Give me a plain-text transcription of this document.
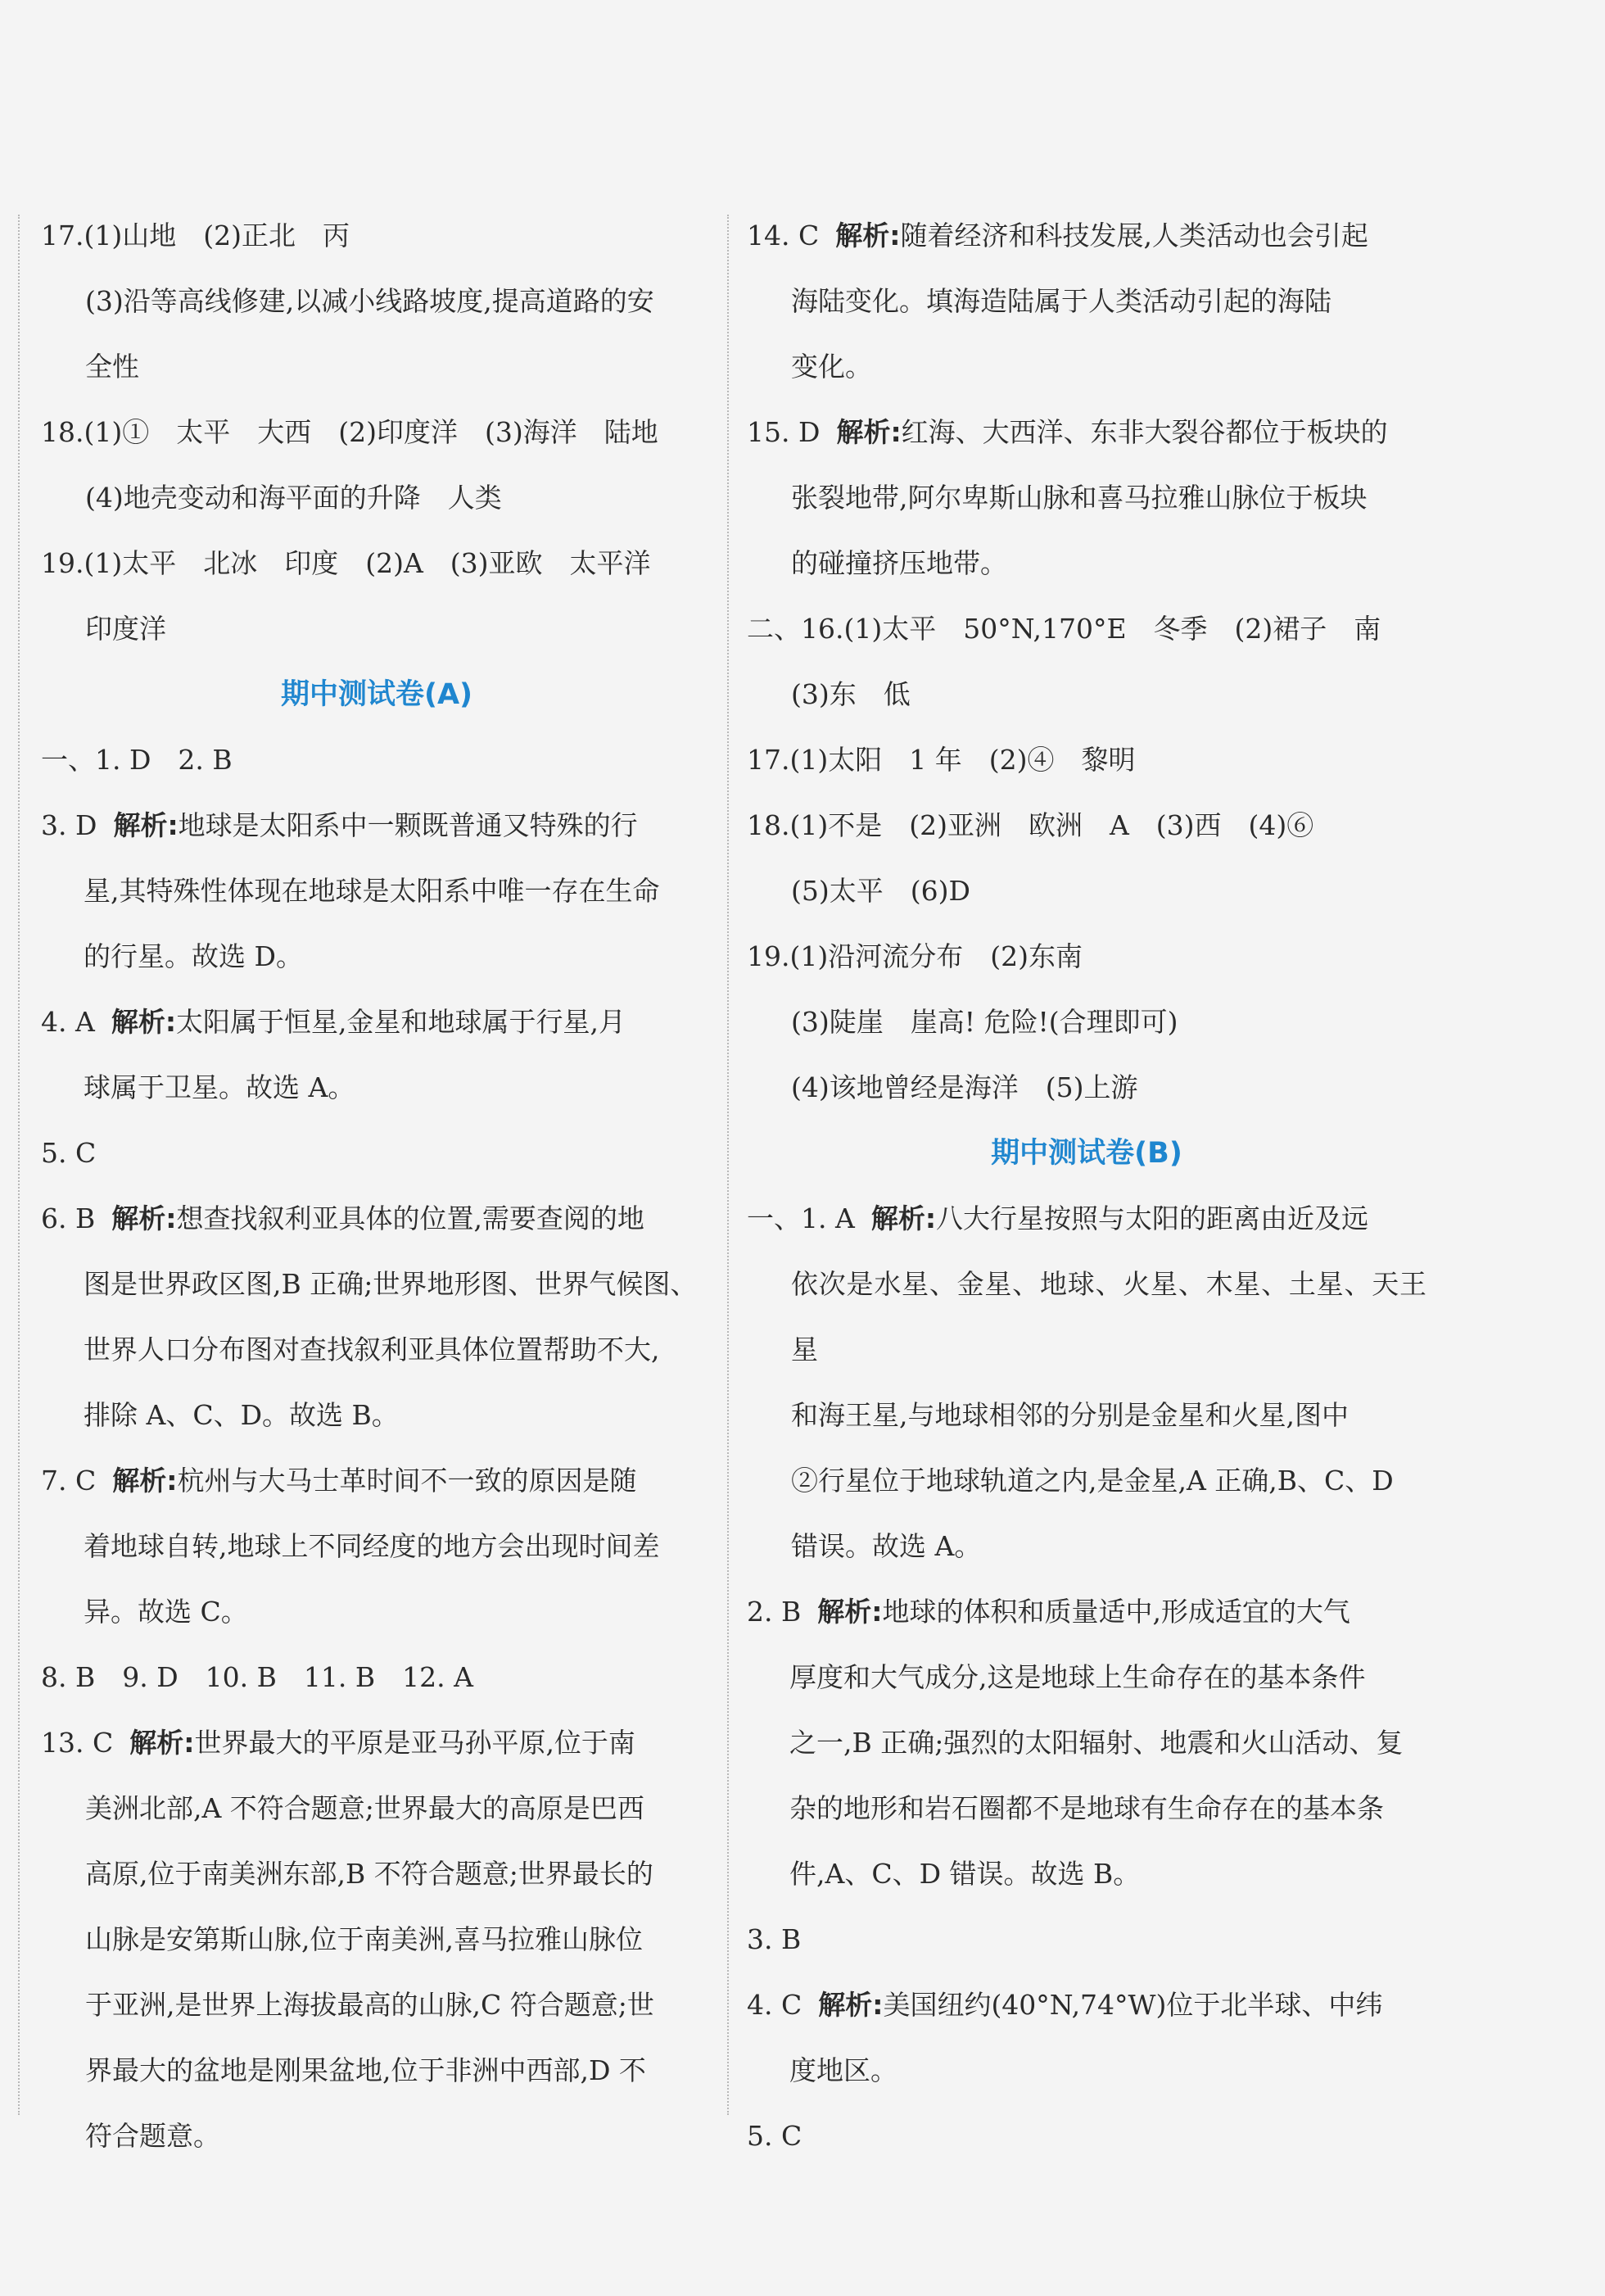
17.(1)山地　(2)正北　丙
(3)沿等高线修建,以减小线路坡度,提高道路的安
全性
18.(1)①　太平　大西　(2)印度洋　(3)海洋　陆地
(4)地壳变动和海平面的升降　人类
19.(1)太平　北冰　印度　(2)A　(3)亚欧　太平洋
印度洋
期中测试卷(A)
一、1. D　2. B
3. D 解析:地球是太阳系中一颗既普通又特殊的行
星,其特殊性体现在地球是太阳系中唯一存在生命
的行星。故选 D。
4. A 解析:太阳属于恒星,金星和地球属于行星,月
球属于卫星。故选 A。
5. C
6. B 解析:想查找叙利亚具体的位置,需要查阅的地
图是世界政区图,B 正确;世界地形图、世界气候图、
世界人口分布图对查找叙利亚具体位置帮助不大,
排除 A、C、D。故选 B。
7. C 解析:杭州与大马士革时间不一致的原因是随
着地球自转,地球上不同经度的地方会出现时间差
异。故选 C。
8. B　9. D　10. B　11. B　12. A
13. C 解析:世界最大的平原是亚马孙平原,位于南
美洲北部,A 不符合题意;世界最大的高原是巴西
高原,位于南美洲东部,B 不符合题意;世界最长的
山脉是安第斯山脉,位于南美洲,喜马拉雅山脉位
于亚洲,是世界上海拔最高的山脉,C 符合题意;世
界最大的盆地是刚果盆地,位于非洲中西部,D 不
符合题意。
14. C 解析:随着经济和科技发展,人类活动也会引起
海陆变化。填海造陆属于人类活动引起的海陆
变化。
15. D 解析:红海、大西洋、东非大裂谷都位于板块的
张裂地带,阿尔卑斯山脉和喜马拉雅山脉位于板块
的碰撞挤压地带。
二、16.(1)太平　50°N,170°E　冬季　(2)裙子　南
(3)东　低
17.(1)太阳　1 年　(2)④　黎明
18.(1)不是　(2)亚洲　欧洲　A　(3)西　(4)⑥
(5)太平　(6)D
19.(1)沿河流分布　(2)东南
(3)陡崖　崖高! 危险!(合理即可)
(4)该地曾经是海洋　(5)上游
期中测试卷(B)
一、1. A 解析:八大行星按照与太阳的距离由近及远
依次是水星、金星、地球、火星、木星、土星、天王星
和海王星,与地球相邻的分别是金星和火星,图中
②行星位于地球轨道之内,是金星,A 正确,B、C、D
错误。故选 A。
2. B 解析:地球的体积和质量适中,形成适宜的大气
厚度和大气成分,这是地球上生命存在的基本条件
之一,B 正确;强烈的太阳辐射、地震和火山活动、复
杂的地形和岩石圈都不是地球有生命存在的基本条
件,A、C、D 错误。故选 B。
3. B
4. C 解析:美国纽约(40°N,74°W)位于北半球、中纬
度地区。
5. C
